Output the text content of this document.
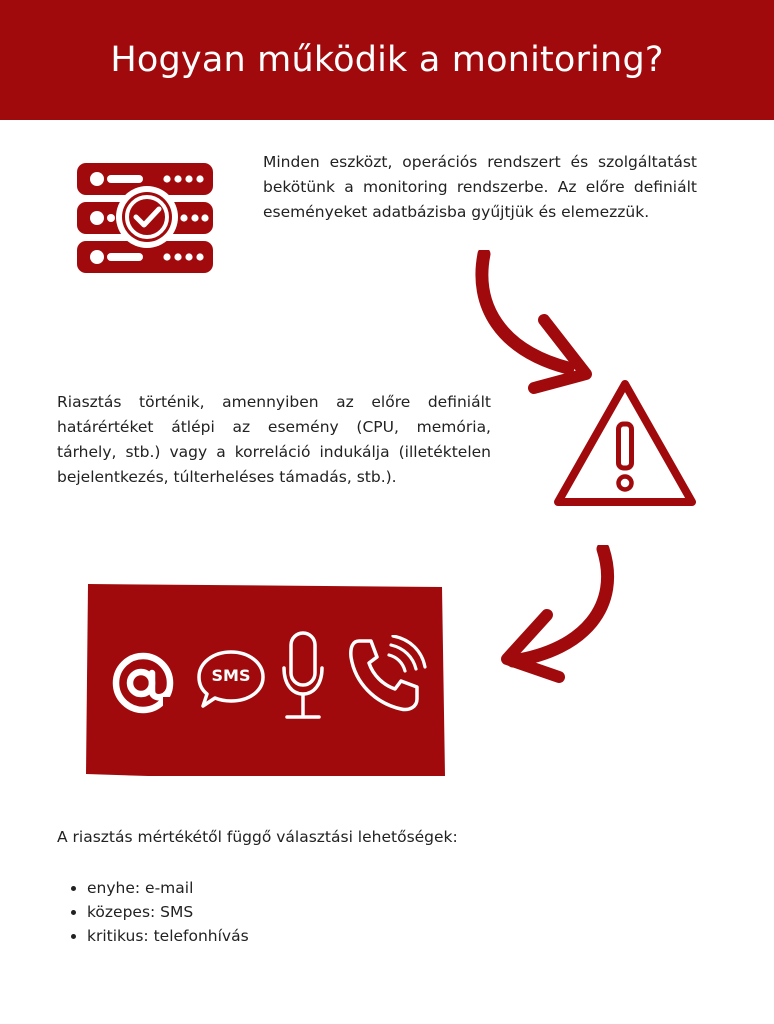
Hogyan működik a monitoring?

Minden eszközt, operációs rendszert és szolgáltatást bekötünk a monitoring rendszerbe. Az előre definiált eseményeket adatbázisba gyűjtjük és elemezzük.

Riasztás történik, amennyiben az előre definiált határértéket átlépi az esemény (CPU, memória, tárhely, stb.) vagy a korreláció indukálja (illetéktelen bejelentkezés, túlterheléses támadás, stb.).

SMS

A riasztás mértékétől függő választási lehetőségek:

• enyhe: e-mail
• közepes: SMS
• kritikus: telefonhívás
